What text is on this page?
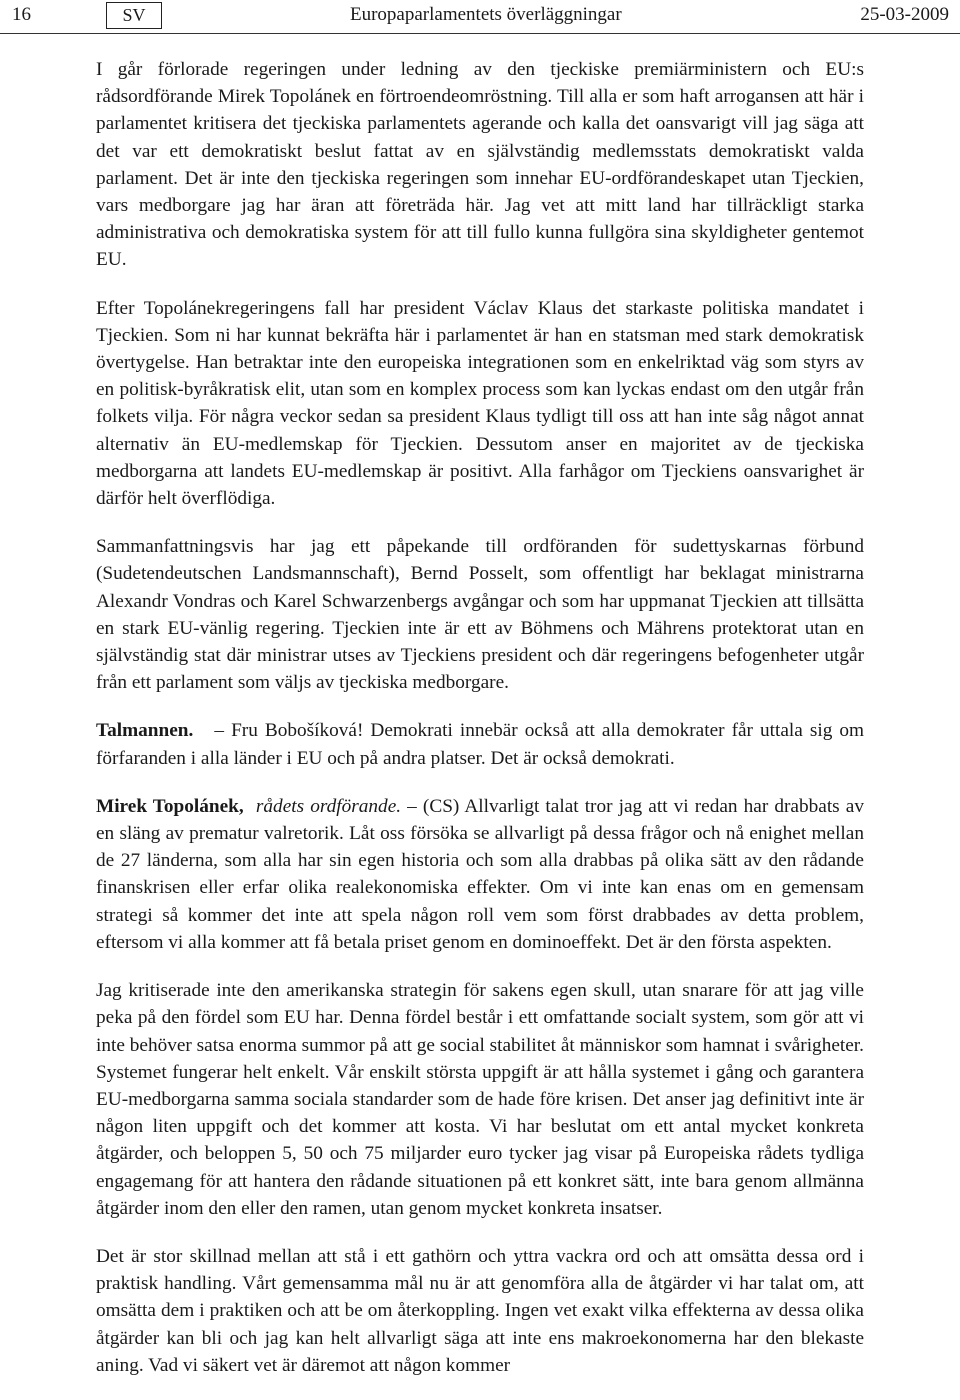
16	SV	Europaparlamentets överläggningar	25-03-2009

I går förlorade regeringen under ledning av den tjeckiske premiärministern och EU:s rådsordförande Mirek Topolánek en förtroendeomröstning. Till alla er som haft arrogansen att här i parlamentet kritisera det tjeckiska parlamentets agerande och kalla det oansvarigt vill jag säga att det var ett demokratiskt beslut fattat av en självständig medlemsstats demokratiskt valda parlament. Det är inte den tjeckiska regeringen som innehar EU-ordförandeskapet utan Tjeckien, vars medborgare jag har äran att företräda här. Jag vet att mitt land har tillräckligt starka administrativa och demokratiska system för att till fullo kunna fullgöra sina skyldigheter gentemot EU.

Efter Topolánekregeringens fall har president Václav Klaus det starkaste politiska mandatet i Tjeckien. Som ni har kunnat bekräfta här i parlamentet är han en statsman med stark demokratisk övertygelse. Han betraktar inte den europeiska integrationen som en enkelriktad väg som styrs av en politisk-byråkratisk elit, utan som en komplex process som kan lyckas endast om den utgår från folkets vilja. För några veckor sedan sa president Klaus tydligt till oss att han inte såg något annat alternativ än EU-medlemskap för Tjeckien. Dessutom anser en majoritet av de tjeckiska medborgarna att landets EU-medlemskap är positivt. Alla farhågor om Tjeckiens oansvarighet är därför helt överflödiga.

Sammanfattningsvis har jag ett påpekande till ordföranden för sudettyskarnas förbund (Sudetendeutschen Landsmannschaft), Bernd Posselt, som offentligt har beklagat ministrarna Alexandr Vondras och Karel Schwarzenbergs avgångar och som har uppmanat Tjeckien att tillsätta en stark EU-vänlig regering. Tjeckien inte är ett av Böhmens och Mährens protektorat utan en självständig stat där ministrar utses av Tjeckiens president och där regeringens befogenheter utgår från ett parlament som väljs av tjeckiska medborgare.

Talmannen. – Fru Bobošíková! Demokrati innebär också att alla demokrater får uttala sig om förfaranden i alla länder i EU och på andra platser. Det är också demokrati.

Mirek Topolánek, rådets ordförande. – (CS) Allvarligt talat tror jag att vi redan har drabbats av en släng av prematur valretorik. Låt oss försöka se allvarligt på dessa frågor och nå enighet mellan de 27 länderna, som alla har sin egen historia och som alla drabbas på olika sätt av den rådande finanskrisen eller erfar olika realekonomiska effekter. Om vi inte kan enas om en gemensam strategi så kommer det inte att spela någon roll vem som först drabbades av detta problem, eftersom vi alla kommer att få betala priset genom en dominoeffekt. Det är den första aspekten.

Jag kritiserade inte den amerikanska strategin för sakens egen skull, utan snarare för att jag ville peka på den fördel som EU har. Denna fördel består i ett omfattande socialt system, som gör att vi inte behöver satsa enorma summor på att ge social stabilitet åt människor som hamnat i svårigheter. Systemet fungerar helt enkelt. Vår enskilt största uppgift är att hålla systemet i gång och garantera EU-medborgarna samma sociala standarder som de hade före krisen. Det anser jag definitivt inte är någon liten uppgift och det kommer att kosta. Vi har beslutat om ett antal mycket konkreta åtgärder, och beloppen 5, 50 och 75 miljarder euro tycker jag visar på Europeiska rådets tydliga engagemang för att hantera den rådande situationen på ett konkret sätt, inte bara genom allmänna åtgärder inom den eller den ramen, utan genom mycket konkreta insatser.

Det är stor skillnad mellan att stå i ett gathörn och yttra vackra ord och att omsätta dessa ord i praktisk handling. Vårt gemensamma mål nu är att genomföra alla de åtgärder vi har talat om, att omsätta dem i praktiken och att be om återkoppling. Ingen vet exakt vilka effekterna av dessa olika åtgärder kan bli och jag kan helt allvarligt säga att inte ens makroekonomerna har den blekaste aning. Vad vi säkert vet är däremot att någon kommer
